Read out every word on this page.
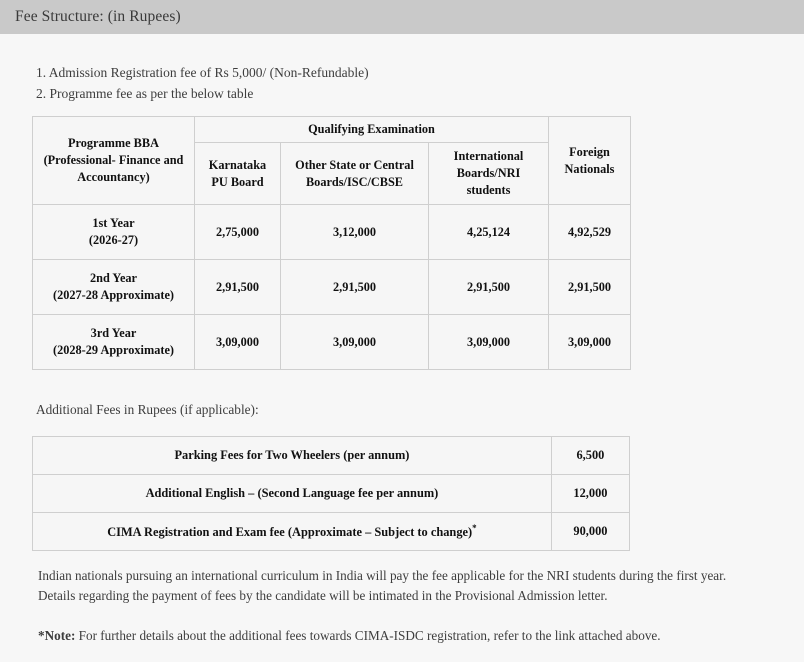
Fee Structure: (in Rupees)
1. Admission Registration fee of Rs 5,000/ (Non-Refundable)
2. Programme fee as per the below table
Programme BBA
(Professional- Finance and
Accountancy)	Qualifying Examination			Foreign
Nationals

	Karnataka
PU Board	Other State or Central
Boards/ISC/CBSE	International
Boards/NRI
students	

1st Year
(2026-27)	2,75,000	3,12,000	4,25,124	4,92,529

2nd Year
(2027-28 Approximate)	2,91,500	2,91,500	2,91,500	2,91,500

3rd Year
(2028-29 Approximate)	3,09,000	3,09,000	3,09,000	3,09,000
Additional Fees in Rupees (if applicable):
Parking Fees for Two Wheelers (per annum)	6,500
Additional English – (Second Language fee per annum)	12,000
CIMA Registration and Exam fee (Approximate – Subject to change)*	90,000
Indian nationals pursuing an international curriculum in India will pay the fee applicable for the NRI students during the first year.
Details regarding the payment of fees by the candidate will be intimated in the Provisional Admission letter.
*Note: For further details about the additional fees towards CIMA-ISDC registration, refer to the link attached above.
